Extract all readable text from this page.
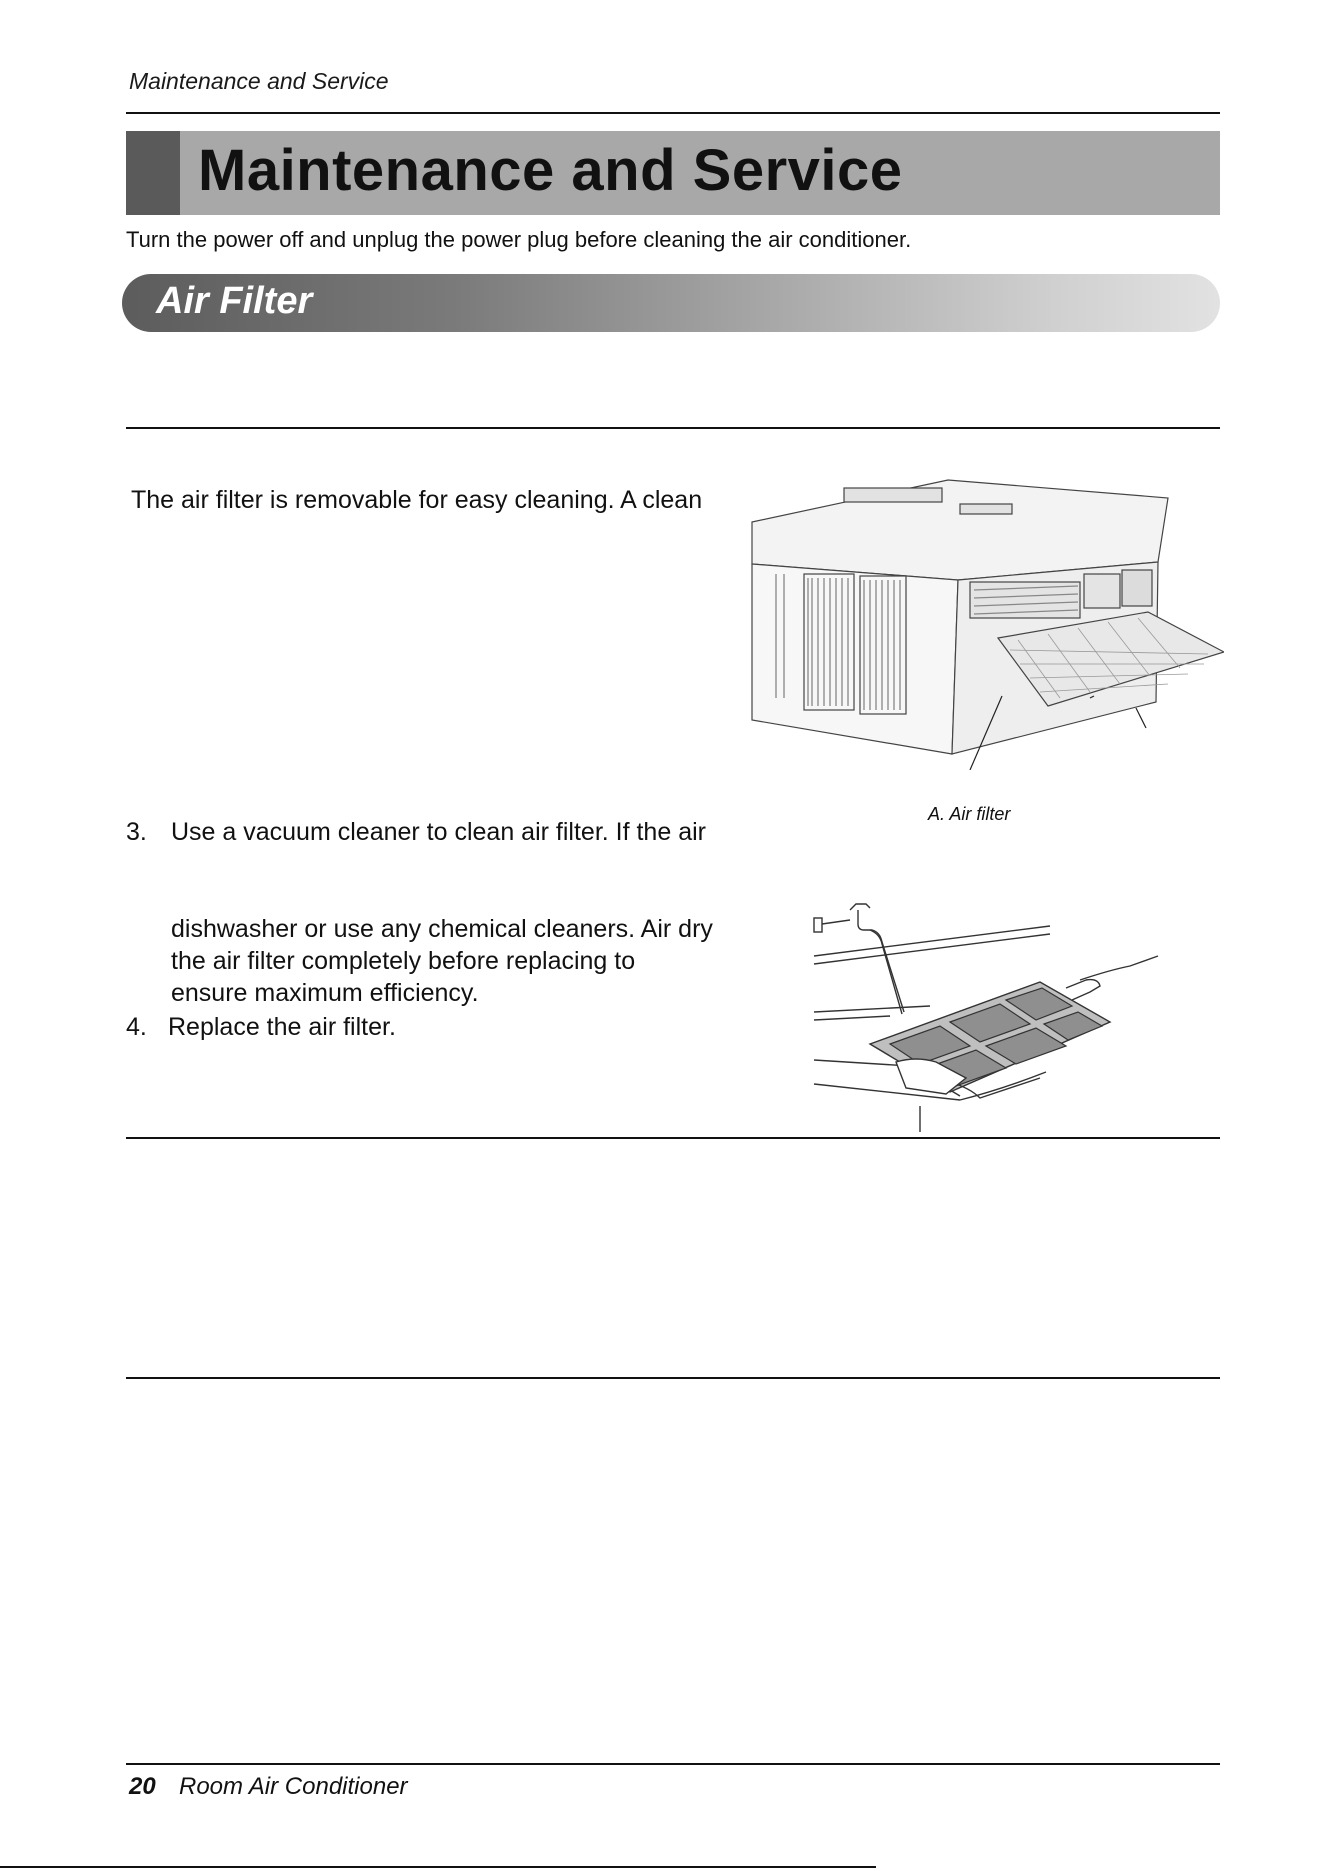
Maintenance and Service
Maintenance and Service
Turn the power off and unplug the power plug before cleaning the air conditioner.
Air Filter
The air filter is removable for easy cleaning. A clean
3. Use a vacuum cleaner to clean air filter. If the air
dishwasher or use any chemical cleaners. Air dry
the air filter completely before replacing to
ensure maximum efficiency.
4. Replace the air filter.
A. Air filter
20 Room Air Conditioner
